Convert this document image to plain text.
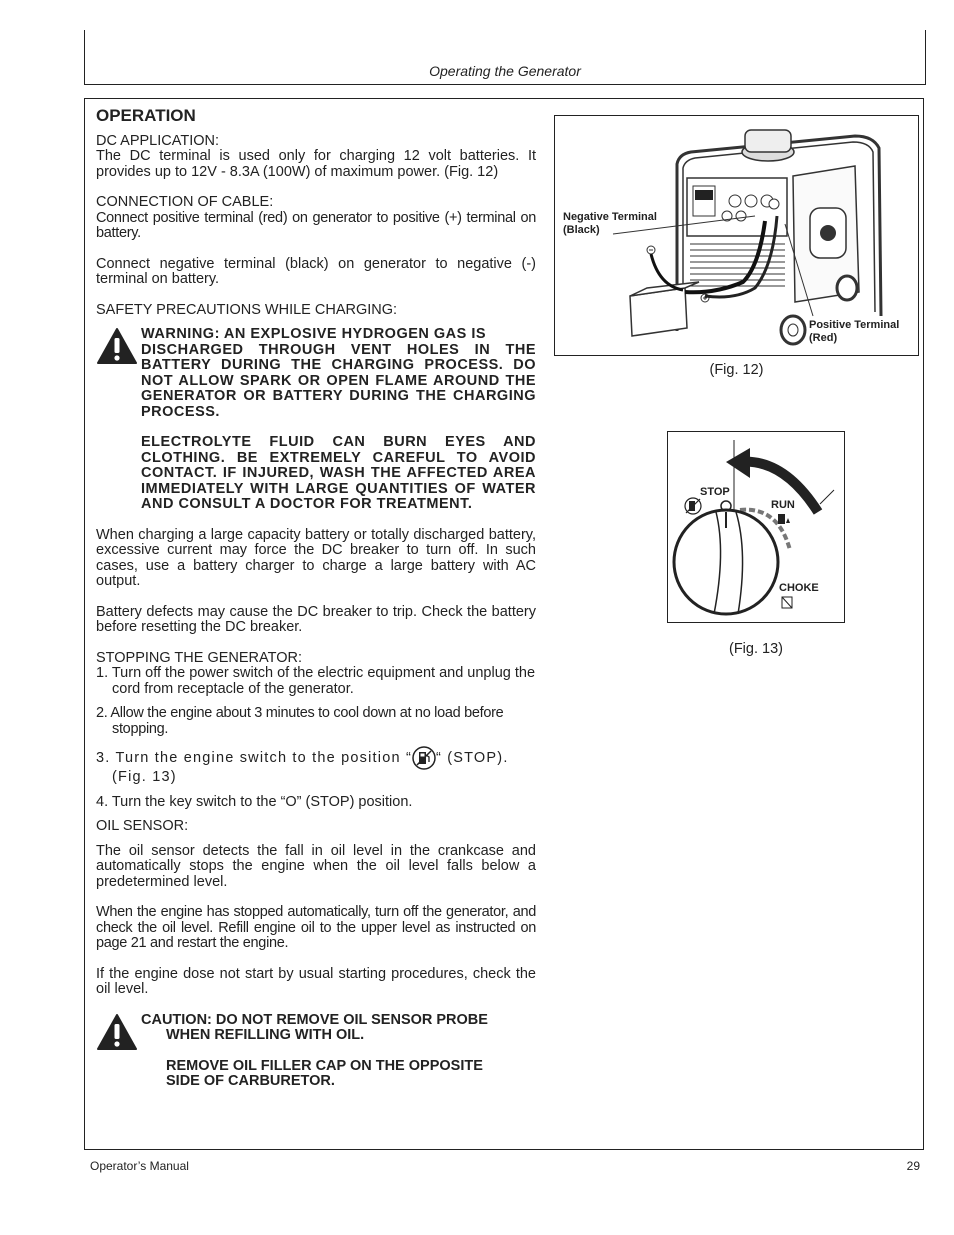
Operating the Generator
OPERATION

DC APPLICATION:

The DC terminal is used only for charging 12 volt batteries. It provides up to 12V - 8.3A (100W) of maximum power. (Fig. 12)

CONNECTION OF CABLE:

Connect positive terminal (red) on generator to positive (+) terminal on battery.

Connect negative terminal (black) on generator to negative (-) terminal on battery.

SAFETY PRECAUTIONS WHILE CHARGING:

WARNING: AN EXPLOSIVE HYDROGEN GAS IS

DISCHARGED THROUGH VENT HOLES IN THE BATTERY DURING THE CHARGING PROCESS. DO NOT ALLOW SPARK OR OPEN FLAME AROUND THE GENERATOR OR BATTERY DURING THE CHARGING PROCESS.

ELECTROLYTE FLUID CAN BURN EYES AND CLOTHING. BE EXTREMELY CAREFUL TO AVOID CONTACT. IF INJURED, WASH THE AFFECTED AREA IMMEDIATELY WITH LARGE QUANTITIES OF WATER AND CONSULT A DOCTOR FOR TREATMENT.

When charging a large capacity battery or totally discharged battery, excessive current may force the DC breaker to turn off. In such cases, use a battery charger to charge a large battery with AC output.

Battery defects may cause the DC breaker to trip. Check the battery before resetting the DC breaker.

STOPPING THE GENERATOR:

1. Turn off the power switch of the electric equipment and unplug the cord from receptacle of the generator.

2. Allow the engine about 3 minutes to cool down at no load before stopping.

3. Turn the engine switch to the position “ “ (STOP). (Fig. 13)

4. Turn the key switch to the “O” (STOP) position.

OIL SENSOR:

The oil sensor detects the fall in oil level in the crankcase and automatically stops the engine when the oil level falls below a predetermined level.

When the engine has stopped automatically, turn off the generator, and check the oil level. Refill engine oil to the upper level as instructed on page 21 and restart the engine.

If the engine dose not start by usual starting procedures, check the oil level.

CAUTION: DO NOT REMOVE OIL SENSOR PROBE

WHEN REFILLING WITH OIL.

REMOVE OIL FILLER CAP ON THE OPPOSITE

SIDE OF CARBURETOR.

Negative Terminal
(Black)
Positive Terminal
(Red)
(Fig. 12)
STOP
RUN
CHOKE
(Fig. 13)
Operator’s Manual	29
